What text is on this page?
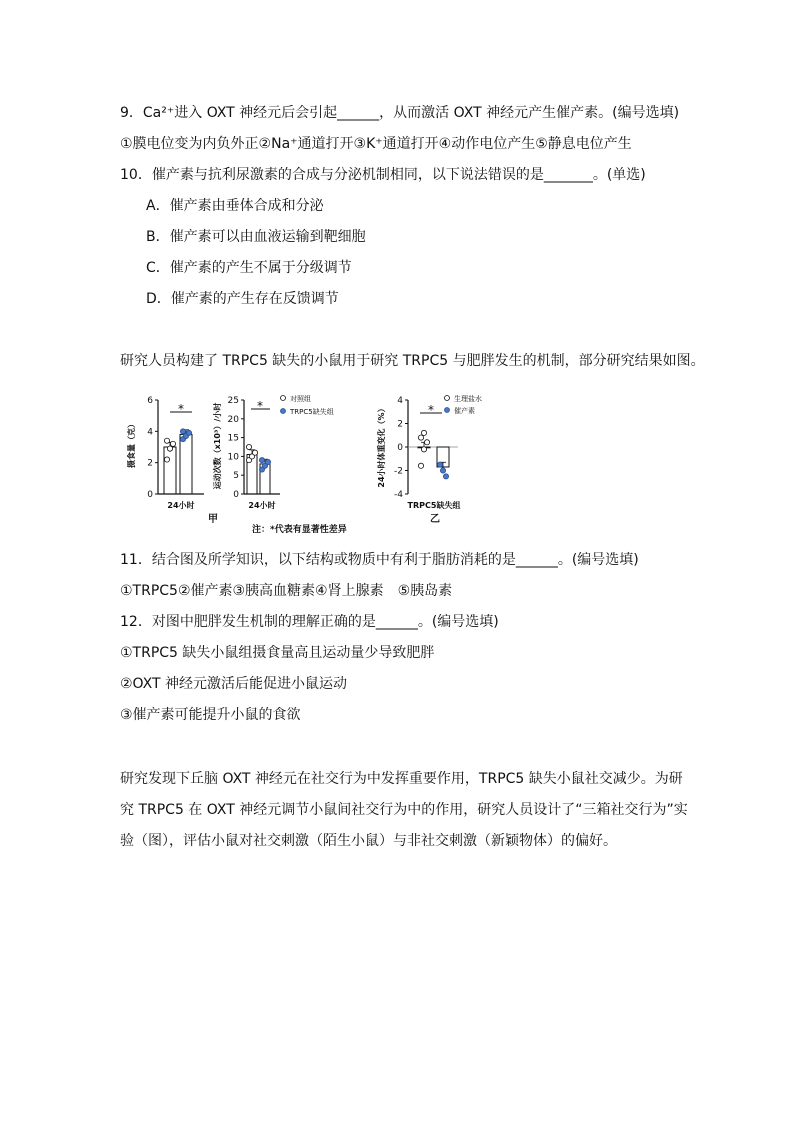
9．Ca²⁺进入 OXT 神经元后会引起______，从而激活 OXT 神经元产生催产素。(编号选填)
①膜电位变为内负外正②Na⁺通道打开③K⁺通道打开④动作电位产生⑤静息电位产生
10．催产素与抗利尿激素的合成与分泌机制相同，以下说法错误的是_______。(单选)
A．催产素由垂体合成和分泌
B．催产素可以由血液运输到靶细胞
C．催产素的产生不属于分级调节
D．催产素的产生存在反馈调节
研究人员构建了 TRPC5 缺失的小鼠用于研究 TRPC5 与肥胖发生的机制，部分研究结果如图。
摄食量（克）
0
2
4
6
*
24小时
运动次数（x10³）/小时
0
5
10
15
20
25 *
24小时
对照组
TRPC5缺失组	24小时体重变化（%）
-4
-2
0
2
4
*
TRPC5缺失组
生理盐水
催产素
甲	乙
注：*代表有显著性差异
11．结合图及所学知识，以下结构或物质中有利于脂肪消耗的是______。(编号选填)
①TRPC5②催产素③胰高血糖素④肾上腺素　⑤胰岛素
12．对图中肥胖发生机制的理解正确的是______。(编号选填)
①TRPC5 缺失小鼠组摄食量高且运动量少导致肥胖
②OXT 神经元激活后能促进小鼠运动
③催产素可能提升小鼠的食欲
研究发现下丘脑 OXT 神经元在社交行为中发挥重要作用，TRPC5 缺失小鼠社交减少。为研
究 TRPC5 在 OXT 神经元调节小鼠间社交行为中的作用，研究人员设计了“三箱社交行为”实
验（图），评估小鼠对社交刺激（陌生小鼠）与非社交刺激（新颖物体）的偏好。
